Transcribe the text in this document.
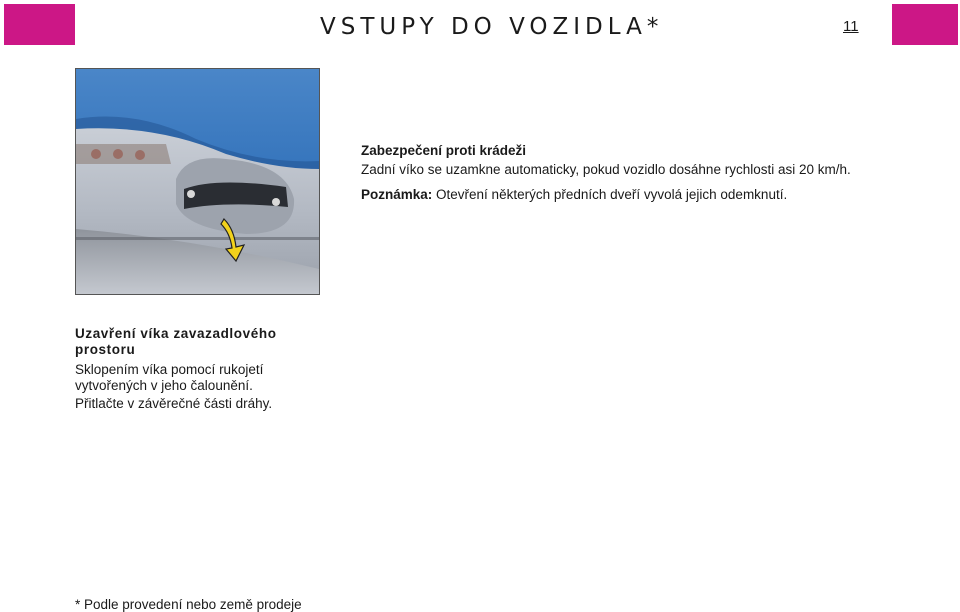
VSTUPY DO VOZIDLA*	11
Zabezpečení proti krádeži

Zadní víko se uzamkne automaticky, pokud vozidlo dosáhne rychlosti asi 20 km/h.

Poznámka: Otevření některých předních dveří vyvolá jejich odemknutí.

Uzavření víka zavazadlového prostoru

Sklopením víka pomocí rukojetí vytvořených v jeho čalounění.

Přitlačte v závěrečné části dráhy.

* Podle provedení nebo země prodeje
